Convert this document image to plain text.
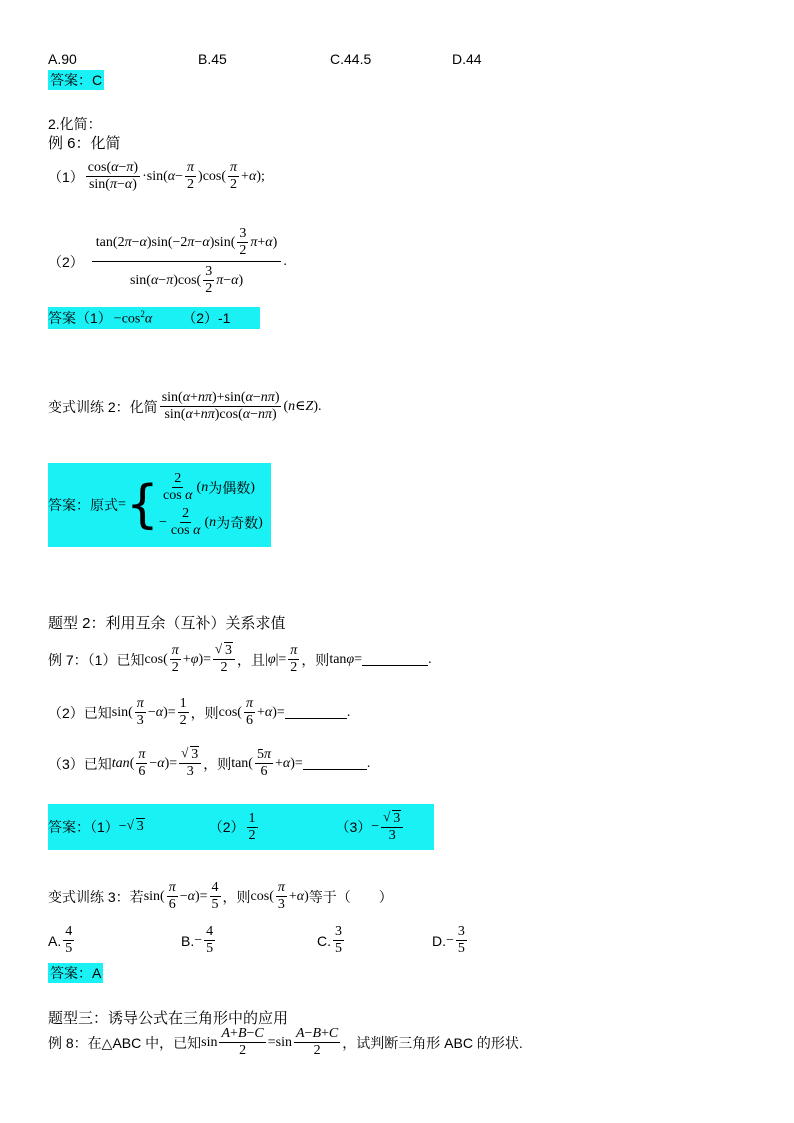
A.90	B.45	C.44.5	D.44
答案：C
2.化简：
例 6：化简
$(1) \frac{\cos(\alpha-\pi)}{\sin(\pi-\alpha)} \cdot\sin$( $\alpha - \frac{\pi}{2} )\cos( \frac{\pi}{2} + \alpha$ );
$(2) \frac{\tan(2 \pi - \alpha )\sin(-2 \pi - \alpha )\sin( \frac{3}{2} \pi + \alpha )}{\sin( \alpha - \pi )\cos( \frac{3}{2} \pi - \alpha )}$ .
答案$(1) -\cos^2\alpha$ （2）-1
变式训练 2：化简 $\frac{\sin(\alpha+n\pi)+\sin(\alpha-n\pi)}{\sin(\alpha+n\pi)\cos(\alpha-n\pi)}$ ( n ∈ Z ).
答案：原式 = { $\frac{2}{\text{cos α}}$ ( n 为偶数 )
− $\frac{2}{\text{cos α}}$ ( n 为奇数 )
题型 2：利用互余（互补）关系求值
例 7：（1）已知 $\cos( \frac{\pi}{2} + \varphi$ )= $\frac{√ 3}{2}$ ，且 | φ |= $\frac{\pi}{2}$ ，则 tanφ=	.
（2）已知 $\sin( \frac{\pi}{3} - \alpha$ )= $\frac{1}{2}$ ，则 $\cos( \frac{\pi}{6} + \alpha$ )=	.
（3）已知 tan ( $\frac{\pi}{6} - \alpha$ )= $\frac{√ 3}{3}$ ，则 $\tan( \frac{5\pi}{6} + \alpha$ )=	.
答案：（1） − √ 3	$(2) \frac{1}{2}$	$(3) - \frac{√ 3}{3}$
变式训练 3：若 $\sin( \frac{\pi}{6} - \alpha$ )= $\frac{4}{5}$ ，则 $\cos( \frac{\pi}{3} + \alpha$ ) 等于（　　）
A. $\frac{4}{5}$	B. − $\frac{4}{5}$	C. $\frac{3}{5}$	D. − $\frac{3}{5}$
答案：A
题型三：诱导公式在三角形中的应用
例 8：在△ABC 中，已知 $\sin \frac{A+B-C}{2} =\sin \frac{A-B+C}{2}$ ，试判断三角形 ABC 的形状.
